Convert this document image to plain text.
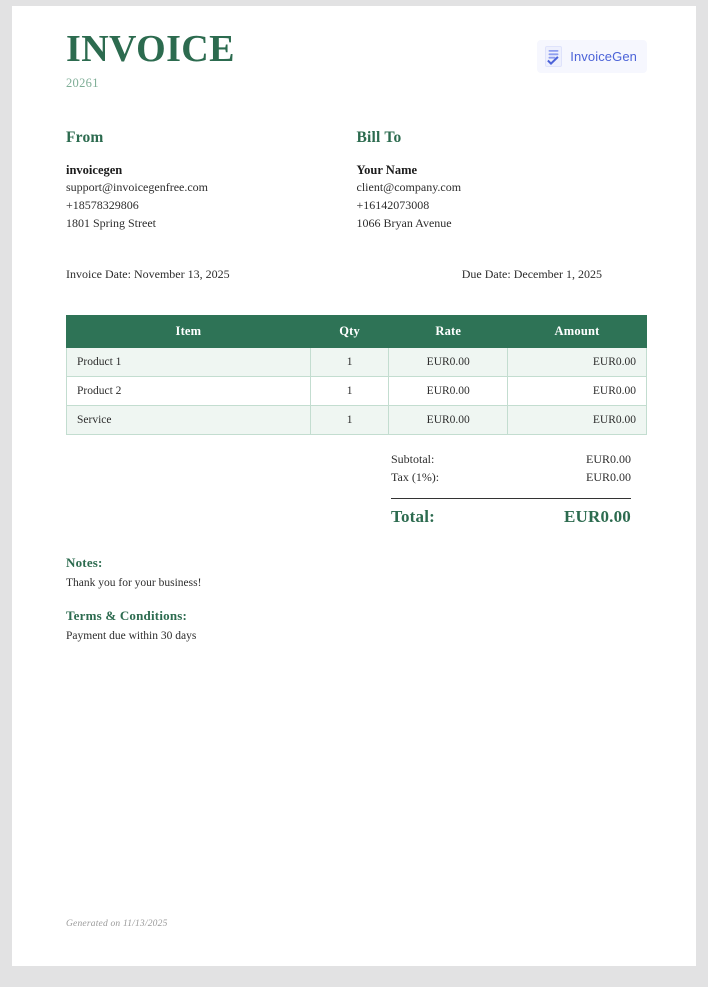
INVOICE
20261
InvoiceGen
From
invoicegen
support@invoicegenfree.com
+18578329806
1801 Spring Street
Bill To
Your Name
client@company.com
+16142073008
1066 Bryan Avenue
Invoice Date: November 13, 2025	Due Date: December 1, 2025
Item	Qty	Rate	Amount
Product 1	1	EUR0.00	EUR0.00
Product 2	1	EUR0.00	EUR0.00
Service	1	EUR0.00	EUR0.00
Subtotal:	EUR0.00
Tax (1%):	EUR0.00
Total:	EUR0.00
Notes:
Thank you for your business!
Terms & Conditions:
Payment due within 30 days
Generated on 11/13/2025
